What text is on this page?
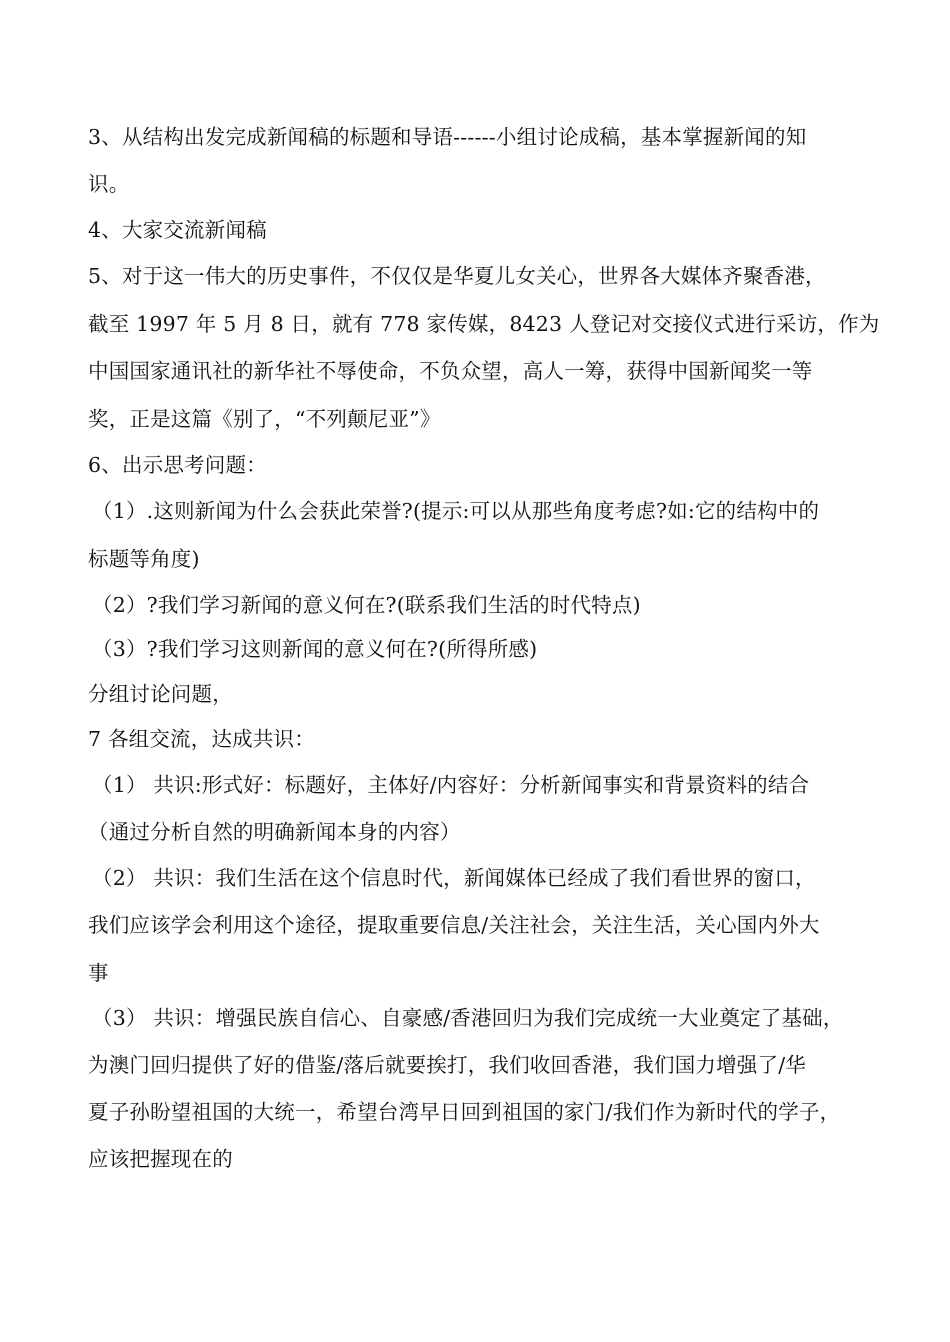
3、从结构出发完成新闻稿的标题和导语------小组讨论成稿，基本掌握新闻的知
识。
4、大家交流新闻稿
5、对于这一伟大的历史事件，不仅仅是华夏儿女关心，世界各大媒体齐聚香港，
截至 1997 年 5 月 8 日，就有 778 家传媒，8423 人登记对交接仪式进行采访，作为
中国国家通讯社的新华社不辱使命，不负众望，高人一筹，获得中国新闻奖一等
奖，正是这篇《别了，“不列颠尼亚”》
6、出示思考问题：
（1）.这则新闻为什么会获此荣誉?(提示:可以从那些角度考虑?如:它的结构中的
标题等角度)
（2）?我们学习新闻的意义何在?(联系我们生活的时代特点)
（3）?我们学习这则新闻的意义何在?(所得所感)
分组讨论问题，
7 各组交流，达成共识：
（1） 共识:形式好：标题好，主体好/内容好：分析新闻事实和背景资料的结合
（通过分析自然的明确新闻本身的内容）
（2） 共识：我们生活在这个信息时代，新闻媒体已经成了我们看世界的窗口，
我们应该学会利用这个途径，提取重要信息/关注社会，关注生活，关心国内外大
事
（3） 共识：增强民族自信心、自豪感/香港回归为我们完成统一大业奠定了基础，
为澳门回归提供了好的借鉴/落后就要挨打，我们收回香港，我们国力增强了/华
夏子孙盼望祖国的大统一，希望台湾早日回到祖国的家门/我们作为新时代的学子，
应该把握现在的
